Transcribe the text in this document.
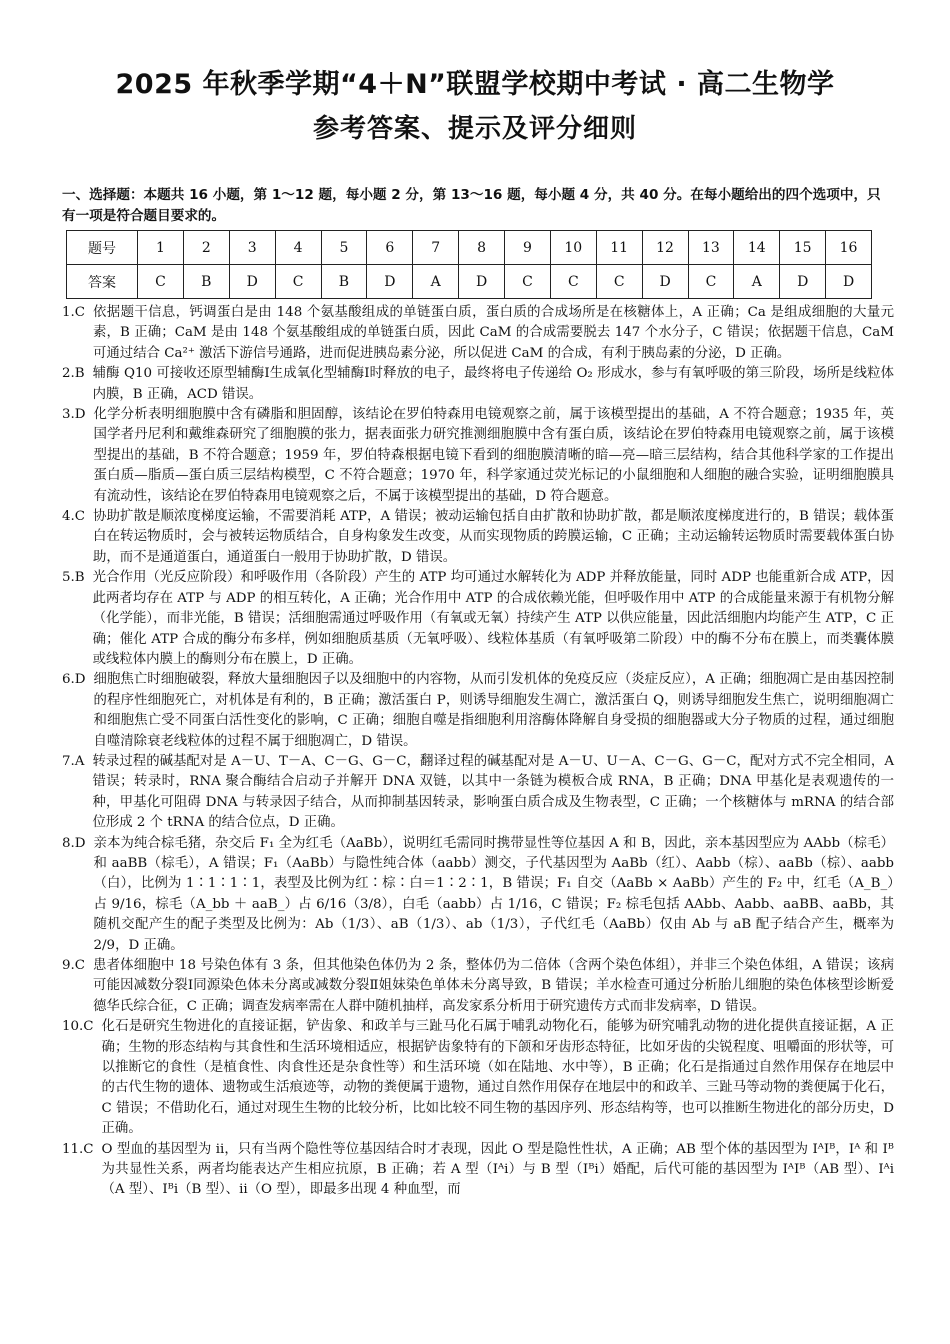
2025 年秋季学期“4＋N”联盟学校期中考试 · 高二生物学
参考答案、提示及评分细则
一、选择题：本题共 16 小题，第 1～12 题，每小题 2 分，第 13～16 题，每小题 4 分，共 40 分。在每小题给出的四个选项中，只有一项是符合题目要求的。
题号	1	2	3	4	5	6	7	8	9	10	11	12	13	14	15	16
答案	C	B	D	C	B	D	A	D	C	C	C	D	C	A	D	D
1.C 依据题干信息，钙调蛋白是由 148 个氨基酸组成的单链蛋白质，蛋白质的合成场所是在核糖体上，A 正确；Ca 是组成细胞的大量元素，B 正确；CaM 是由 148 个氨基酸组成的单链蛋白质，因此 CaM 的合成需要脱去 147 个水分子，C 错误；依据题干信息，CaM 可通过结合 Ca²⁺ 激活下游信号通路，进而促进胰岛素分泌，所以促进 CaM 的合成，有利于胰岛素的分泌，D 正确。
2.B 辅酶 Q10 可接收还原型辅酶Ⅰ生成氧化型辅酶Ⅰ时释放的电子，最终将电子传递给 O₂ 形成水，参与有氧呼吸的第三阶段，场所是线粒体内膜，B 正确，ACD 错误。
3.D 化学分析表明细胞膜中含有磷脂和胆固醇，该结论在罗伯特森用电镜观察之前，属于该模型提出的基础，A 不符合题意；1935 年，英国学者丹尼利和戴维森研究了细胞膜的张力，据表面张力研究推测细胞膜中含有蛋白质，该结论在罗伯特森用电镜观察之前，属于该模型提出的基础，B 不符合题意；1959 年，罗伯特森根据电镜下看到的细胞膜清晰的暗—亮—暗三层结构，结合其他科学家的工作提出蛋白质—脂质—蛋白质三层结构模型，C 不符合题意；1970 年，科学家通过荧光标记的小鼠细胞和人细胞的融合实验，证明细胞膜具有流动性，该结论在罗伯特森用电镜观察之后，不属于该模型提出的基础，D 符合题意。
4.C 协助扩散是顺浓度梯度运输，不需要消耗 ATP，A 错误；被动运输包括自由扩散和协助扩散，都是顺浓度梯度进行的，B 错误；载体蛋白在转运物质时，会与被转运物质结合，自身构象发生改变，从而实现物质的跨膜运输，C 正确；主动运输转运物质时需要载体蛋白协助，而不是通道蛋白，通道蛋白一般用于协助扩散，D 错误。
5.B 光合作用（光反应阶段）和呼吸作用（各阶段）产生的 ATP 均可通过水解转化为 ADP 并释放能量，同时 ADP 也能重新合成 ATP，因此两者均存在 ATP 与 ADP 的相互转化，A 正确；光合作用中 ATP 的合成依赖光能，但呼吸作用中 ATP 的合成能量来源于有机物分解（化学能），而非光能，B 错误；活细胞需通过呼吸作用（有氧或无氧）持续产生 ATP 以供应能量，因此活细胞内均能产生 ATP，C 正确；催化 ATP 合成的酶分布多样，例如细胞质基质（无氧呼吸）、线粒体基质（有氧呼吸第二阶段）中的酶不分布在膜上，而类囊体膜或线粒体内膜上的酶则分布在膜上，D 正确。
6.D 细胞焦亡时细胞破裂，释放大量细胞因子以及细胞中的内容物，从而引发机体的免疫反应（炎症反应），A 正确；细胞凋亡是由基因控制的程序性细胞死亡，对机体是有利的，B 正确；激活蛋白 P，则诱导细胞发生凋亡，激活蛋白 Q，则诱导细胞发生焦亡，说明细胞凋亡和细胞焦亡受不同蛋白活性变化的影响，C 正确；细胞自噬是指细胞利用溶酶体降解自身受损的细胞器或大分子物质的过程，通过细胞自噬清除衰老线粒体的过程不属于细胞凋亡，D 错误。
7.A 转录过程的碱基配对是 A－U、T－A、C－G、G－C，翻译过程的碱基配对是 A－U、U－A、C－G、G－C，配对方式不完全相同，A 错误；转录时，RNA 聚合酶结合启动子并解开 DNA 双链，以其中一条链为模板合成 RNA，B 正确；DNA 甲基化是表观遗传的一种，甲基化可阻碍 DNA 与转录因子结合，从而抑制基因转录，影响蛋白质合成及生物表型，C 正确；一个核糖体与 mRNA 的结合部位形成 2 个 tRNA 的结合位点，D 正确。
8.D 亲本为纯合棕毛猪，杂交后 F₁ 全为红毛（AaBb），说明红毛需同时携带显性等位基因 A 和 B，因此，亲本基因型应为 AAbb（棕毛）和 aaBB（棕毛），A 错误；F₁（AaBb）与隐性纯合体（aabb）测交，子代基因型为 AaBb（红）、Aabb（棕）、aaBb（棕）、aabb（白），比例为 1∶1∶1∶1，表型及比例为红∶棕∶白＝1∶2∶1，B 错误；F₁ 自交（AaBb × AaBb）产生的 F₂ 中，红毛（A_B_）占 9/16，棕毛（A_bb ＋ aaB_）占 6/16（3/8），白毛（aabb）占 1/16，C 错误；F₂ 棕毛包括 AAbb、Aabb、aaBB、aaBb，其随机交配产生的配子类型及比例为：Ab（1/3）、aB（1/3）、ab（1/3），子代红毛（AaBb）仅由 Ab 与 aB 配子结合产生，概率为 2/9，D 正确。
9.C 患者体细胞中 18 号染色体有 3 条，但其他染色体仍为 2 条，整体仍为二倍体（含两个染色体组），并非三个染色体组，A 错误；该病可能因减数分裂Ⅰ同源染色体未分离或减数分裂Ⅱ姐妹染色单体未分离导致，B 错误；羊水检查可通过分析胎儿细胞的染色体核型诊断爱德华氏综合征，C 正确；调查发病率需在人群中随机抽样，高发家系分析用于研究遗传方式而非发病率，D 错误。
10.C 化石是研究生物进化的直接证据，铲齿象、和政羊与三趾马化石属于哺乳动物化石，能够为研究哺乳动物的进化提供直接证据，A 正确；生物的形态结构与其食性和生活环境相适应，根据铲齿象特有的下颌和牙齿形态特征，比如牙齿的尖锐程度、咀嚼面的形状等，可以推断它的食性（是植食性、肉食性还是杂食性等）和生活环境（如在陆地、水中等），B 正确；化石是指通过自然作用保存在地层中的古代生物的遗体、遗物或生活痕迹等，动物的粪便属于遗物，通过自然作用保存在地层中的和政羊、三趾马等动物的粪便属于化石，C 错误；不借助化石，通过对现生生物的比较分析，比如比较不同生物的基因序列、形态结构等，也可以推断生物进化的部分历史，D 正确。
11.C O 型血的基因型为 ii，只有当两个隐性等位基因结合时才表现，因此 O 型是隐性性状，A 正确；AB 型个体的基因型为 IᴬIᴮ，Iᴬ 和 Iᴮ 为共显性关系，两者均能表达产生相应抗原，B 正确；若 A 型（Iᴬi）与 B 型（Iᴮi）婚配，后代可能的基因型为 IᴬIᴮ（AB 型）、Iᴬi（A 型）、Iᴮi（B 型）、ii（O 型），即最多出现 4 种血型，而
